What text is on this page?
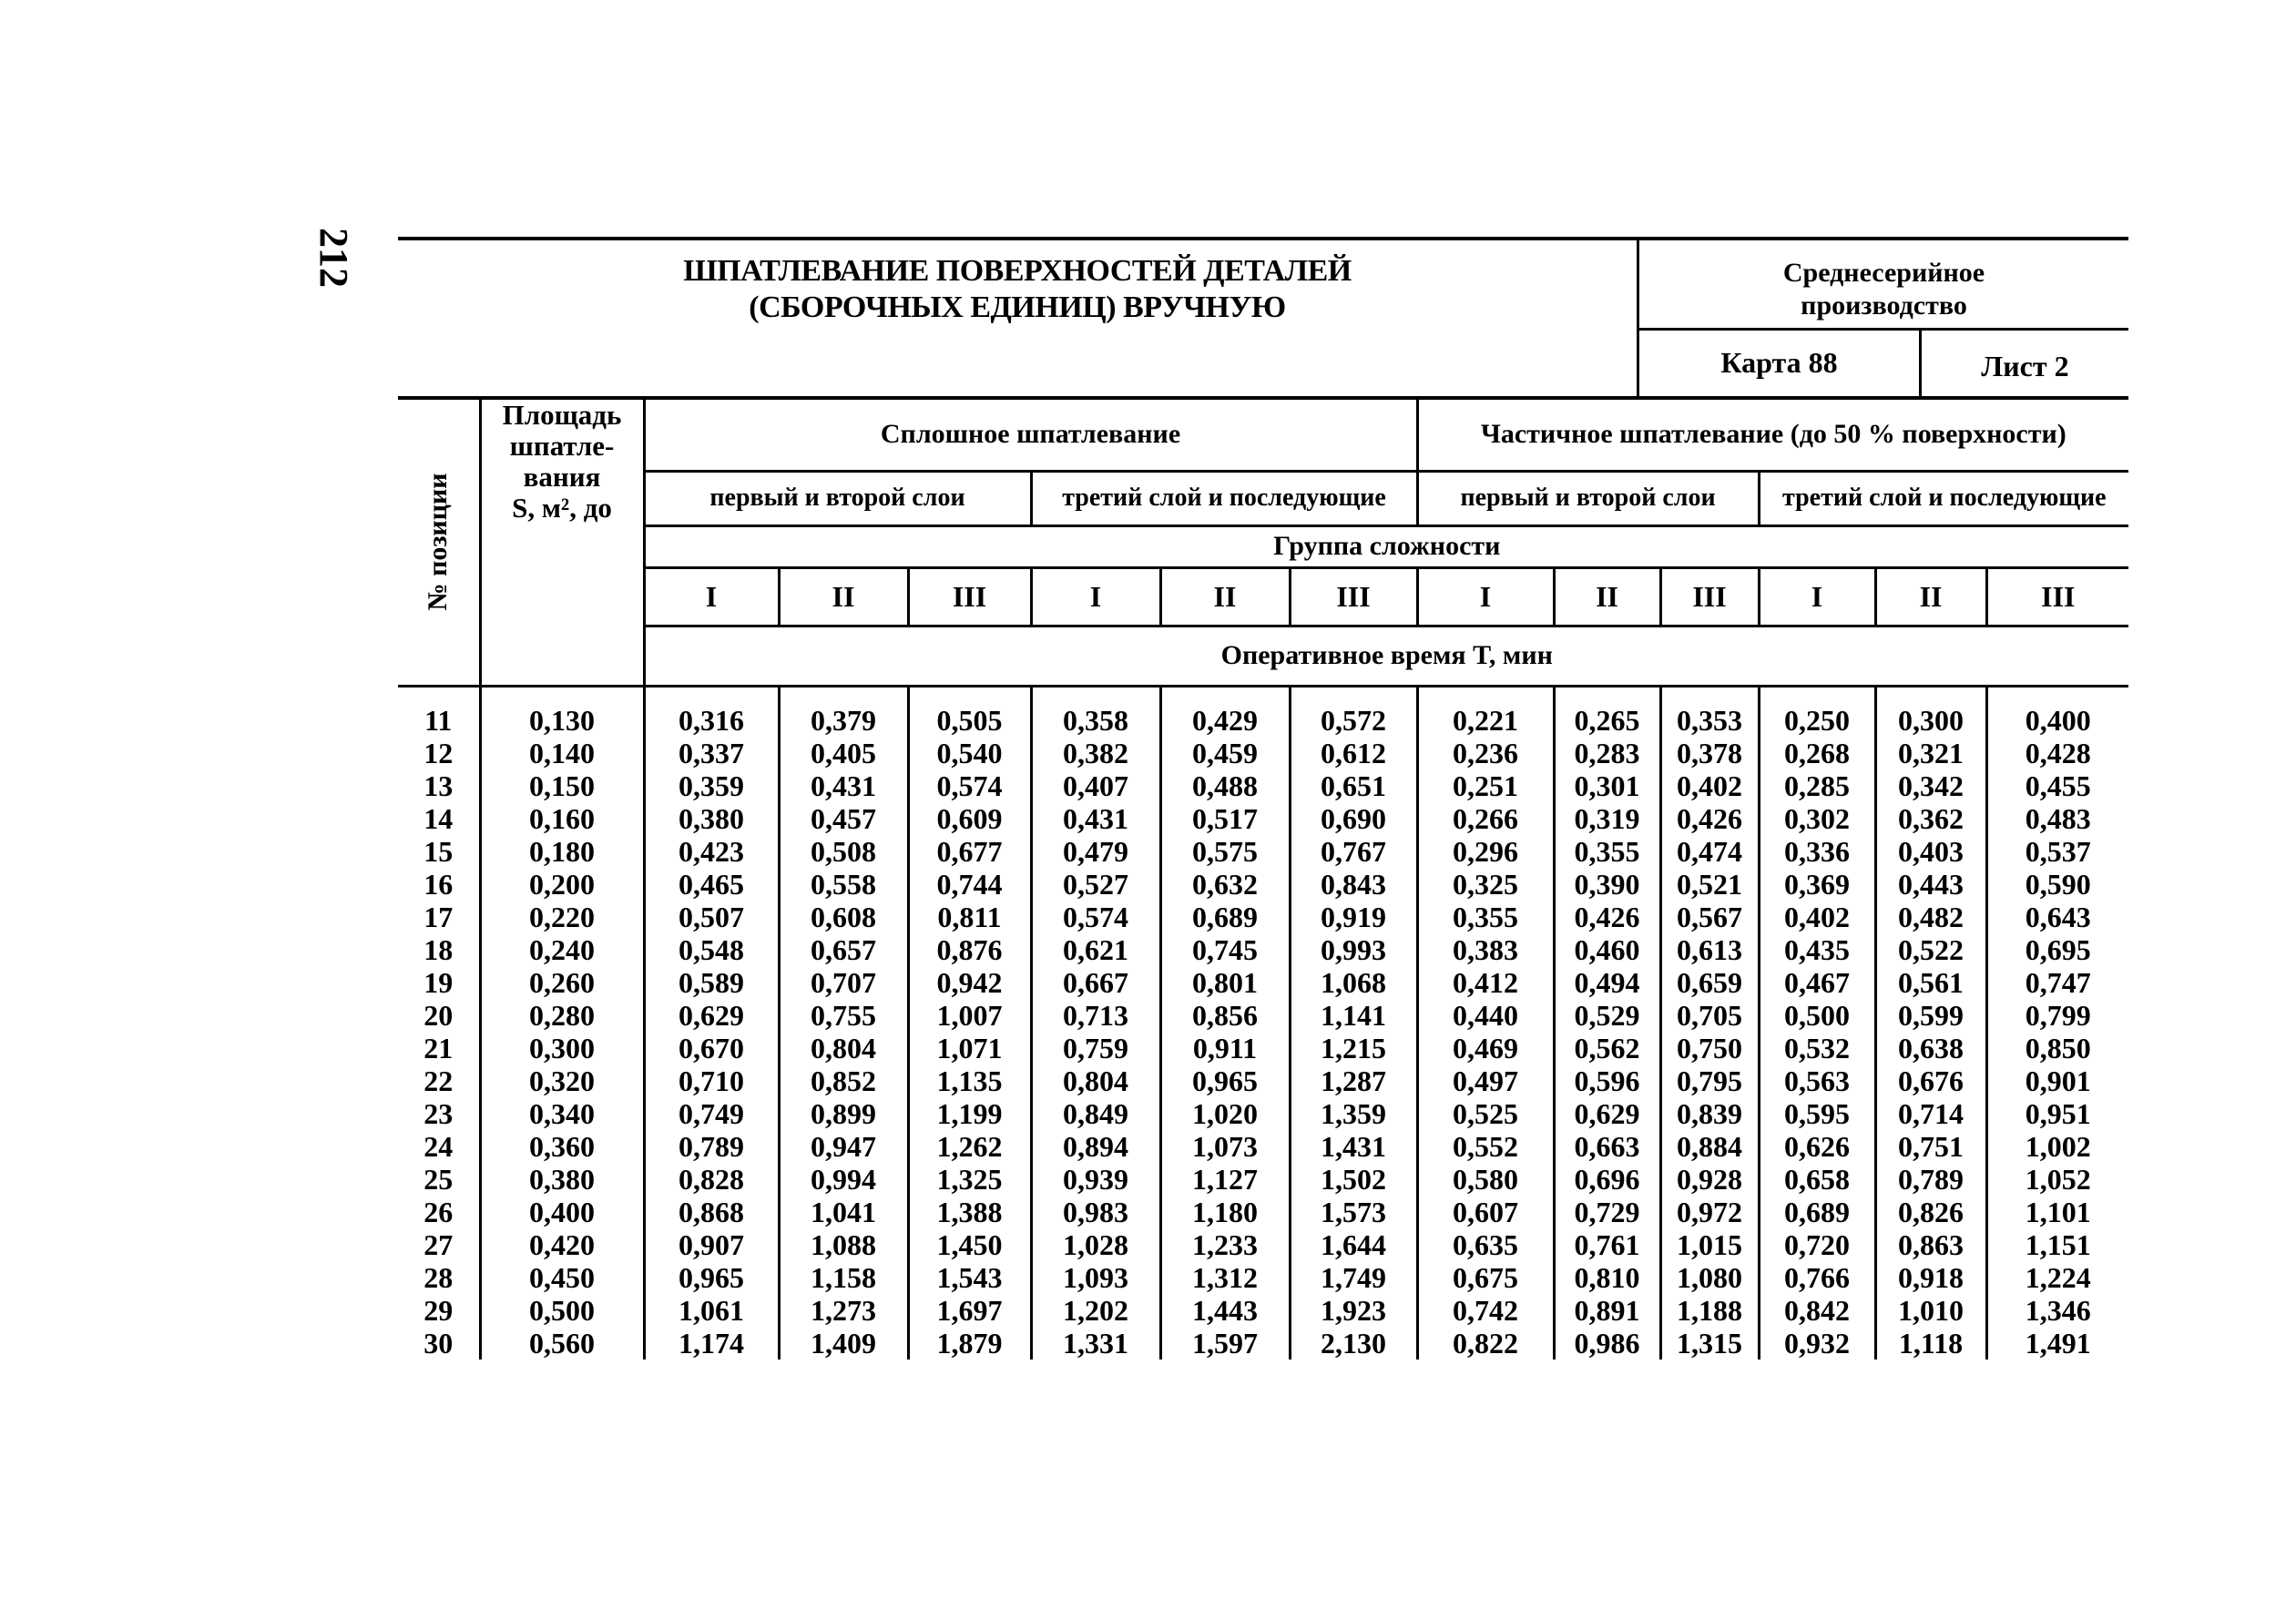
212	ШПАТЛЕВАНИЕ ПОВЕРХНОСТЕЙ ДЕТАЛЕЙ
(СБОРОЧНЫХ ЕДИНИЦ) ВРУЧНУЮ
Среднесерийное
производство
Карта 88	Лист 2
№ позиции	Площадь
шпатле-
вания
S, м², до	Сплошное шпатлевание						Частичное шпатлевание (до 50 % поверхности)					
		первый и второй слои			третий слой и последующие			первый и второй слои			третий слой и последующие		
		Группа сложности											
		I	II	III	I	II	III	I	II	III	I	II	III
		Оперативное время T, мин											
11	0,130	0,316	0,379	0,505	0,358	0,429	0,572	0,221	0,265	0,353	0,250	0,300	0,400
12	0,140	0,337	0,405	0,540	0,382	0,459	0,612	0,236	0,283	0,378	0,268	0,321	0,428
13	0,150	0,359	0,431	0,574	0,407	0,488	0,651	0,251	0,301	0,402	0,285	0,342	0,455
14	0,160	0,380	0,457	0,609	0,431	0,517	0,690	0,266	0,319	0,426	0,302	0,362	0,483
15	0,180	0,423	0,508	0,677	0,479	0,575	0,767	0,296	0,355	0,474	0,336	0,403	0,537
16	0,200	0,465	0,558	0,744	0,527	0,632	0,843	0,325	0,390	0,521	0,369	0,443	0,590
17	0,220	0,507	0,608	0,811	0,574	0,689	0,919	0,355	0,426	0,567	0,402	0,482	0,643
18	0,240	0,548	0,657	0,876	0,621	0,745	0,993	0,383	0,460	0,613	0,435	0,522	0,695
19	0,260	0,589	0,707	0,942	0,667	0,801	1,068	0,412	0,494	0,659	0,467	0,561	0,747
20	0,280	0,629	0,755	1,007	0,713	0,856	1,141	0,440	0,529	0,705	0,500	0,599	0,799
21	0,300	0,670	0,804	1,071	0,759	0,911	1,215	0,469	0,562	0,750	0,532	0,638	0,850
22	0,320	0,710	0,852	1,135	0,804	0,965	1,287	0,497	0,596	0,795	0,563	0,676	0,901
23	0,340	0,749	0,899	1,199	0,849	1,020	1,359	0,525	0,629	0,839	0,595	0,714	0,951
24	0,360	0,789	0,947	1,262	0,894	1,073	1,431	0,552	0,663	0,884	0,626	0,751	1,002
25	0,380	0,828	0,994	1,325	0,939	1,127	1,502	0,580	0,696	0,928	0,658	0,789	1,052
26	0,400	0,868	1,041	1,388	0,983	1,180	1,573	0,607	0,729	0,972	0,689	0,826	1,101
27	0,420	0,907	1,088	1,450	1,028	1,233	1,644	0,635	0,761	1,015	0,720	0,863	1,151
28	0,450	0,965	1,158	1,543	1,093	1,312	1,749	0,675	0,810	1,080	0,766	0,918	1,224
29	0,500	1,061	1,273	1,697	1,202	1,443	1,923	0,742	0,891	1,188	0,842	1,010	1,346
30	0,560	1,174	1,409	1,879	1,331	1,597	2,130	0,822	0,986	1,315	0,932	1,118	1,491
